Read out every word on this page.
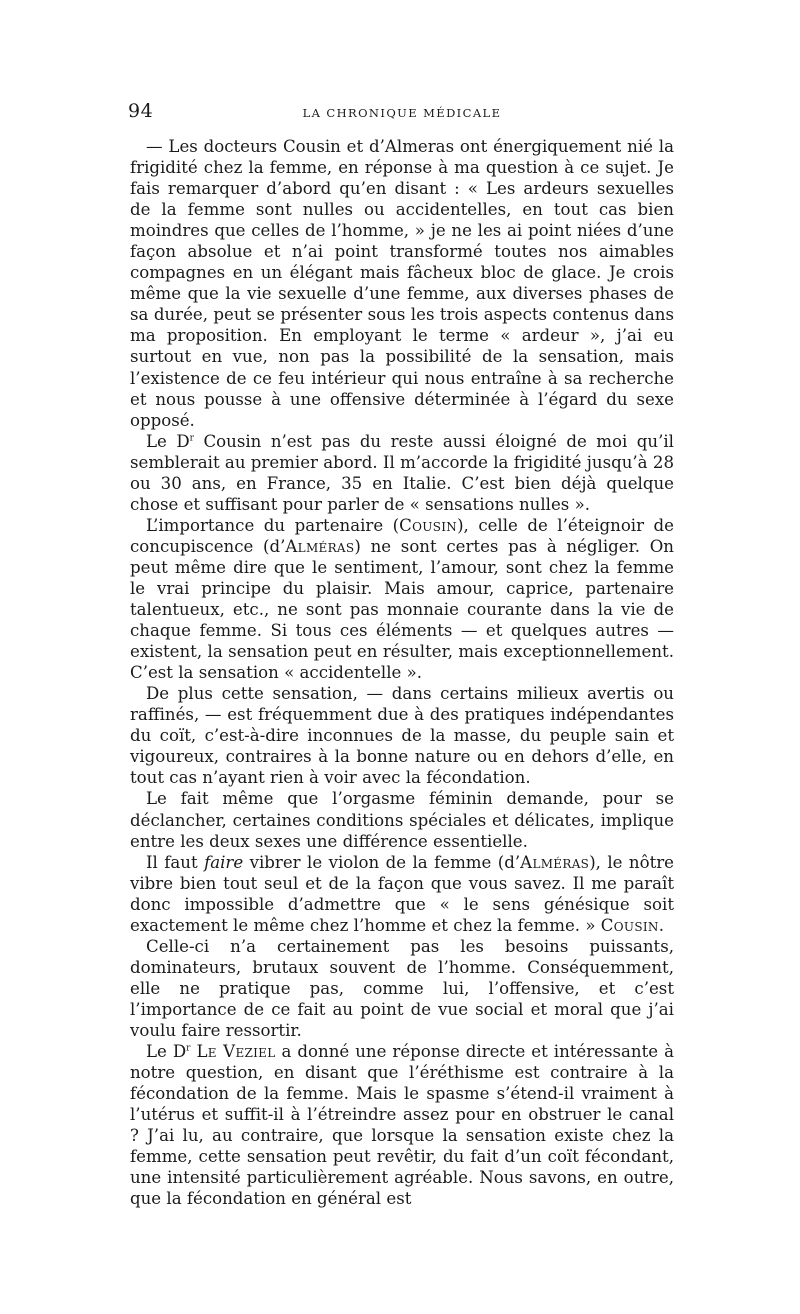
94	LA CHRONIQUE MÉDICALE

— Les docteurs Cousin et d’Almeras ont énergiquement nié la frigidité chez la femme, en réponse à ma question à ce sujet. Je fais remarquer d’abord qu’en disant : « Les ardeurs sexuelles de la femme sont nulles ou accidentelles, en tout cas bien moindres que celles de l’homme, » je ne les ai point niées d’une façon absolue et n’ai point transformé toutes nos aimables compagnes en un élégant mais fâcheux bloc de glace. Je crois même que la vie sexuelle d’une femme, aux diverses phases de sa durée, peut se présenter sous les trois aspects contenus dans ma proposition. En employant le terme « ardeur », j’ai eu surtout en vue, non pas la possibilité de la sensation, mais l’existence de ce feu intérieur qui nous entraîne à sa recherche et nous pousse à une offensive déterminée à l’égard du sexe opposé.

Le $D^r$ Cousin n’est pas du reste aussi éloigné de moi qu’il semblerait au premier abord. Il m’accorde la frigidité jusqu’à 28 ou 30 ans, en France, 35 en Italie. C’est bien déjà quelque chose et suffisant pour parler de « sensations nulles ».

L’importance du partenaire (Cousin), celle de l’éteignoir de concupiscence (d’Alméras) ne sont certes pas à négliger. On peut même dire que le sentiment, l’amour, sont chez la femme le vrai principe du plaisir. Mais amour, caprice, partenaire talentueux, etc., ne sont pas monnaie courante dans la vie de chaque femme. Si tous ces éléments — et quelques autres — existent, la sensation peut en résulter, mais exceptionnellement. C’est la sensation « accidentelle ».

De plus cette sensation, — dans certains milieux avertis ou raffinés, — est fréquemment due à des pratiques indépendantes du coït, c’est-à-dire inconnues de la masse, du peuple sain et vigoureux, contraires à la bonne nature ou en dehors d’elle, en tout cas n’ayant rien à voir avec la fécondation.

Le fait même que l’orgasme féminin demande, pour se déclancher, certaines conditions spéciales et délicates, implique entre les deux sexes une différence essentielle.

Il faut faire vibrer le violon de la femme (d’Alméras), le nôtre vibre bien tout seul et de la façon que vous savez. Il me paraît donc impossible d’admettre que « le sens génésique soit exactement le même chez l’homme et chez la femme. » Cousin.

Celle-ci n’a certainement pas les besoins puissants, dominateurs, brutaux souvent de l’homme. Conséquemment, elle ne pratique pas, comme lui, l’offensive, et c’est l’importance de ce fait au point de vue social et moral que j’ai voulu faire ressortir.

Le $D^r$ Le Veziel a donné une réponse directe et intéressante à notre question, en disant que l’éréthisme est contraire à la fécondation de la femme. Mais le spasme s’étend-il vraiment à l’utérus et suffit-il à l’étreindre assez pour en obstruer le canal ? J’ai lu, au contraire, que lorsque la sensation existe chez la femme, cette sensation peut revêtir, du fait d’un coït fécondant, une intensité particulièrement agréable. Nous savons, en outre, que la fécondation en général est
